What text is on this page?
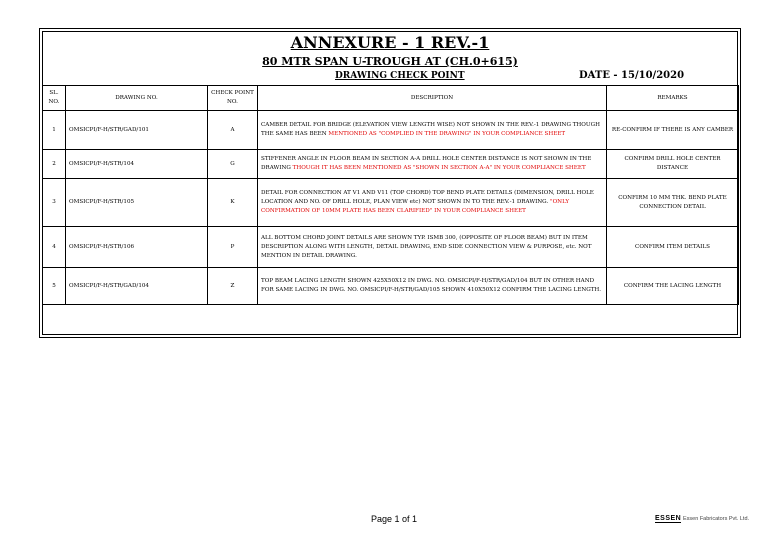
ANNEXURE - 1 REV.-1
80 MTR SPAN U-TROUGH AT (CH.0+615)
DRAWING CHECK POINT	DATE - 15/10/2020
SL. NO.	DRAWING NO.	CHECK POINT NO.	DESCRIPTION	REMARKS
1	OMSICPI/F-H/STR/GAD/101	A	CAMBER DETAIL FOR BRIDGE (ELEVATION VIEW LENGTH WISE) NOT SHOWN IN THE REV.-1 DRAWING THOUGH THE SAME HAS BEEN MENTIONED AS "COMPLIED IN THE DRAWING" IN YOUR COMPLIANCE SHEET	RE-CONFIRM IF THERE IS ANY CAMBER
2	OMSICPI/F-H/STR/104	G	STIFFENER ANGLE IN FLOOR BEAM IN SECTION A-A DRILL HOLE CENTER DISTANCE IS NOT SHOWN IN THE DRAWING THOUGH IT HAS BEEN MENTIONED AS "SHOWN IN SECTION A-A" IN YOUR COMPLIANCE SHEET	CONFIRM DRILL HOLE CENTER DISTANCE
3	OMSICPI/F-H/STR/105	K	DETAIL FOR CONNECTION AT V1 AND V11 (TOP CHORD) TOP BEND PLATE DETAILS (DIMENSION, DRILL HOLE LOCATION AND NO. OF DRILL HOLE, PLAN VIEW etc) NOT SHOWN IN TO THE REV.-1 DRAWING. "ONLY CONFIRMATION OF 10MM PLATE HAS BEEN CLARIFIED" IN YOUR COMPLIANCE SHEET	CONFIRM 10 MM THK. BEND PLATE CONNECTION DETAIL
4	OMSICPI/F-H/STR/106	P	ALL BOTTOM CHORD JOINT DETAILS ARE SHOWN TYP. ISMB 300, (OPPOSITE OF FLOOR BEAM) BUT IN ITEM DESCRIPTION ALONG WITH LENGTH, DETAIL DRAWING, END SIDE CONNECTION VIEW & PURPOSE, etc. NOT MENTION IN DETAIL DRAWING.	CONFIRM ITEM DETAILS
5	OMSICPI/F-H/STR/GAD/104	Z	TOP BEAM LACING LENGTH SHOWN 425X50X12 IN DWG. NO. OMSICPI/F-H/STR/GAD/104 BUT IN OTHER HAND FOR SAME LACING IN DWG. NO. OMSICPI/F-H/STR/GAD/105 SHOWN 410X50X12 CONFIRM THE LACING LENGTH.	CONFIRM THE LACING LENGTH
Page 1 of 1	ESSEN Essen Fabricators Pvt. Ltd.
